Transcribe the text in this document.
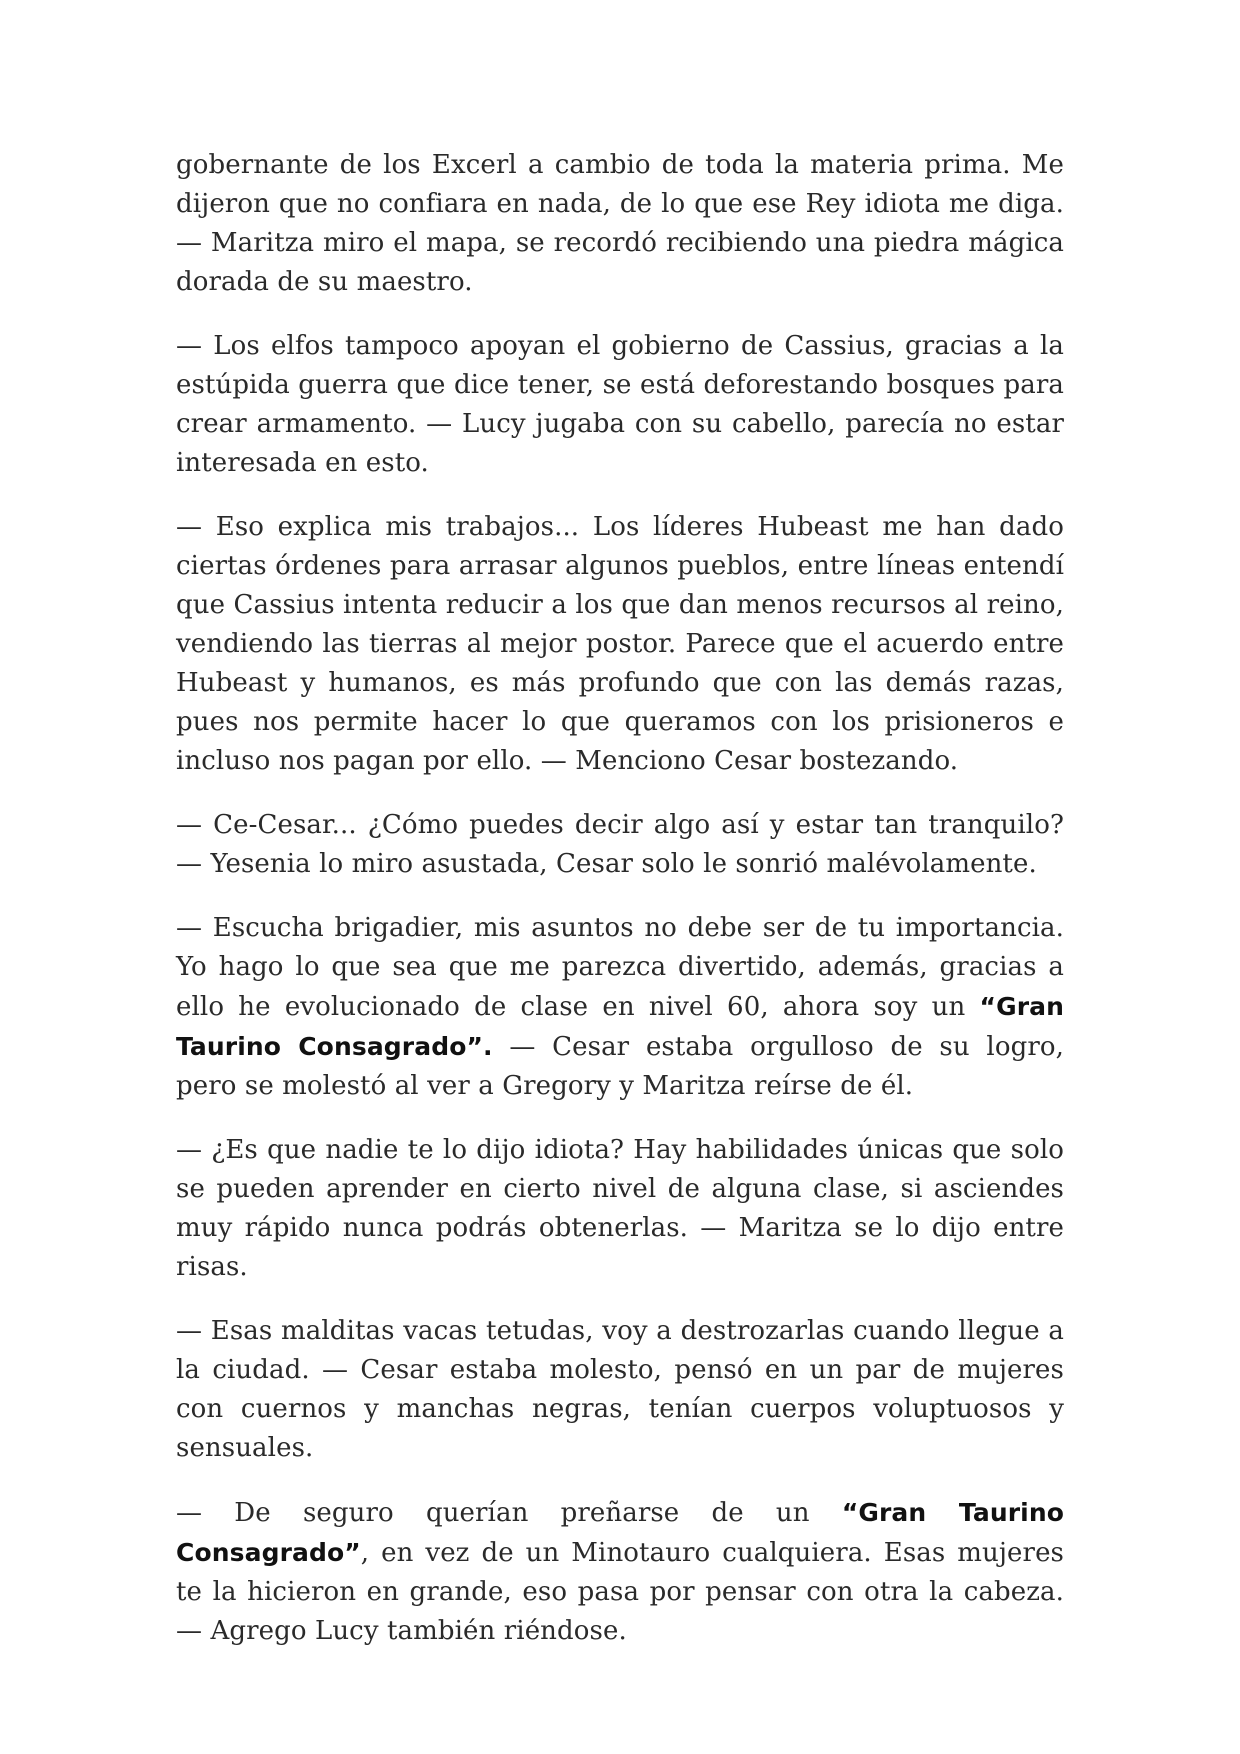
gobernante de los Excerl a cambio de toda la materia prima. Me dijeron que no confiara en nada, de lo que ese Rey idiota me diga. — Maritza miro el mapa, se recordó recibiendo una piedra mágica dorada de su maestro.

— Los elfos tampoco apoyan el gobierno de Cassius, gracias a la estúpida guerra que dice tener, se está deforestando bosques para crear armamento. — Lucy jugaba con su cabello, parecía no estar interesada en esto.

— Eso explica mis trabajos... Los líderes Hubeast me han dado ciertas órdenes para arrasar algunos pueblos, entre líneas entendí que Cassius intenta reducir a los que dan menos recursos al reino, vendiendo las tierras al mejor postor. Parece que el acuerdo entre Hubeast y humanos, es más profundo que con las demás razas, pues nos permite hacer lo que queramos con los prisioneros e incluso nos pagan por ello. — Menciono Cesar bostezando.

— Ce-Cesar... ¿Cómo puedes decir algo así y estar tan tranquilo? — Yesenia lo miro asustada, Cesar solo le sonrió malévolamente.

— Escucha brigadier, mis asuntos no debe ser de tu importancia. Yo hago lo que sea que me parezca divertido, además, gracias a ello he evolucionado de clase en nivel 60, ahora soy un “Gran Taurino Consagrado”. — Cesar estaba orgulloso de su logro, pero se molestó al ver a Gregory y Maritza reírse de él.

— ¿Es que nadie te lo dijo idiota? Hay habilidades únicas que solo se pueden aprender en cierto nivel de alguna clase, si asciendes muy rápido nunca podrás obtenerlas. — Maritza se lo dijo entre risas.

— Esas malditas vacas tetudas, voy a destrozarlas cuando llegue a la ciudad. — Cesar estaba molesto, pensó en un par de mujeres con cuernos y manchas negras, tenían cuerpos voluptuosos y sensuales.

— De seguro querían preñarse de un “Gran Taurino Consagrado”, en vez de un Minotauro cualquiera. Esas mujeres te la hicieron en grande, eso pasa por pensar con otra la cabeza. — Agrego Lucy también riéndose.
